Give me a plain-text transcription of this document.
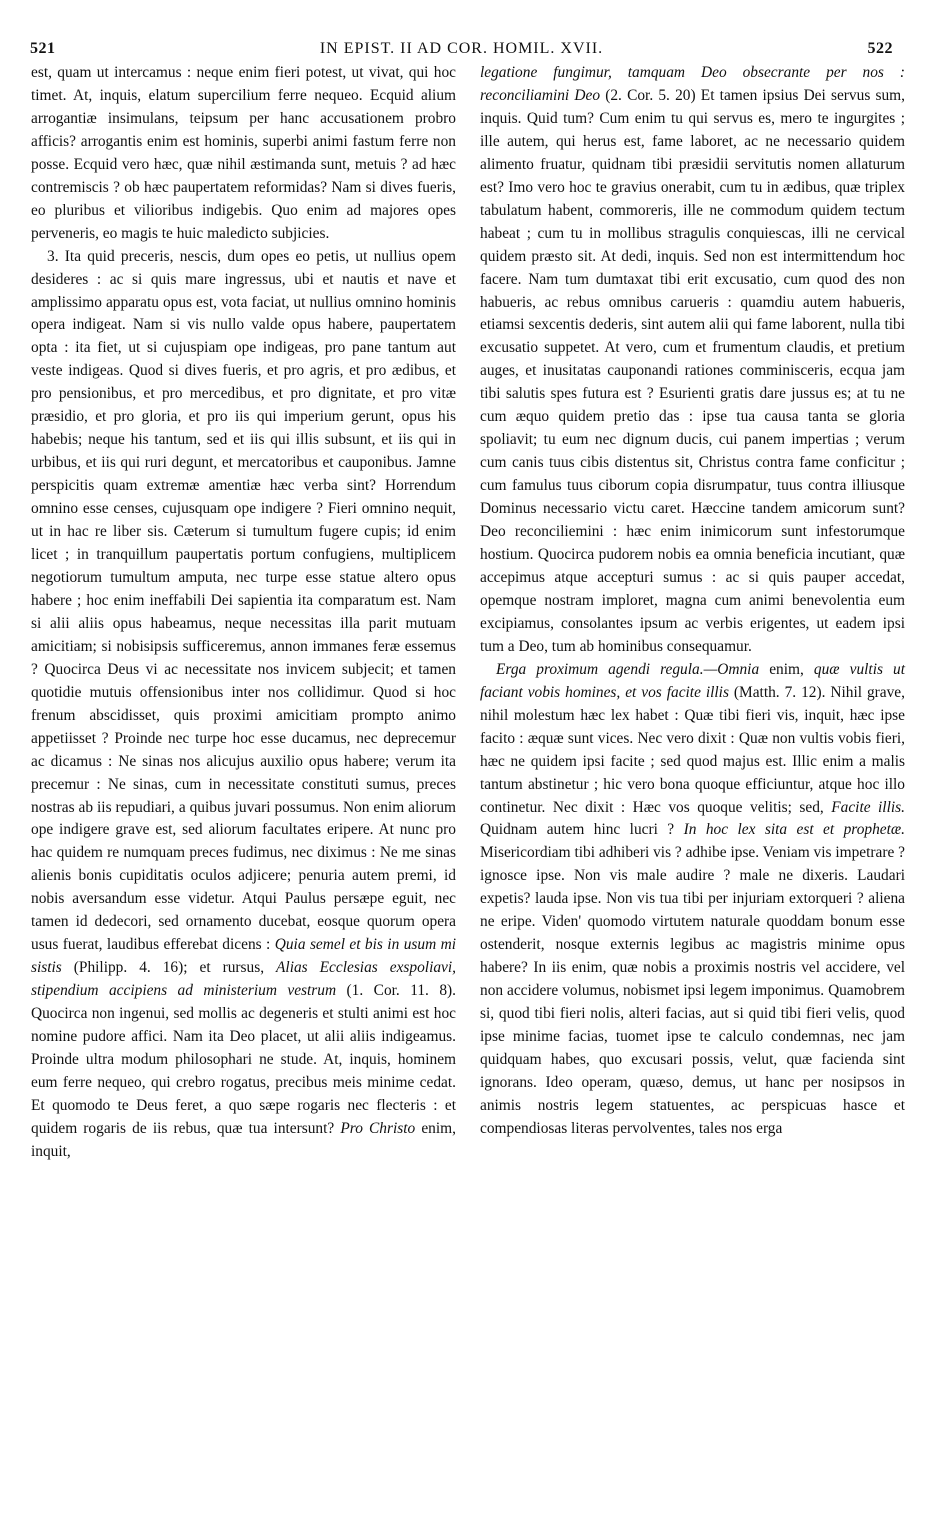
521	IN EPIST. II AD COR. HOMIL. XVII.	522

est, quam ut intercamus : neque enim fieri potest, ut vivat, qui hoc timet. At, inquis, elatum supercilium ferre nequeo. Ecquid alium arrogantiæ insimulans, teipsum per hanc accusationem probro afficis? arrogantis enim est hominis, superbi animi fastum ferre non posse. Ecquid vero hæc, quæ nihil æstimanda sunt, metuis ? ad hæc contremiscis ? ob hæc paupertatem reformidas? Nam si dives fueris, eo pluribus et vilioribus indigebis. Quo enim ad majores opes perveneris, eo magis te huic maledicto subjicies.

3. Ita quid preceris, nescis, dum opes eo petis, ut nullius opem desideres : ac si quis mare ingressus, ubi et nautis et nave et amplissimo apparatu opus est, vota faciat, ut nullius omnino hominis opera indigeat. Nam si vis nullo valde opus habere, paupertatem opta : ita fiet, ut si cujuspiam ope indigeas, pro pane tantum aut veste indigeas. Quod si dives fueris, et pro agris, et pro ædibus, et pro pensionibus, et pro mercedibus, et pro dignitate, et pro vitæ præsidio, et pro gloria, et pro iis qui imperium gerunt, opus his habebis; neque his tantum, sed et iis qui illis subsunt, et iis qui in urbibus, et iis qui ruri degunt, et mercatoribus et cauponibus. Jamne perspicitis quam extremæ amentiæ hæc verba sint? Horrendum omnino esse censes, cujusquam ope indigere ? Fieri omnino nequit, ut in hac re liber sis. Cæterum si tumultum fugere cupis; id enim licet ; in tranquillum paupertatis portum confugiens, multiplicem negotiorum tumultum amputa, nec turpe esse statue altero opus habere ; hoc enim ineffabili Dei sapientia ita comparatum est. Nam si alii aliis opus habeamus, neque necessitas illa parit mutuam amicitiam; si nobisipsis sufficeremus, annon immanes feræ essemus ? Quocirca Deus vi ac necessitate nos invicem subjecit; et tamen quotidie mutuis offensionibus inter nos collidimur. Quod si hoc frenum abscidisset, quis proximi amicitiam prompto animo appetiisset ? Proinde nec turpe hoc esse ducamus, nec deprecemur ac dicamus : Ne sinas nos alicujus auxilio opus habere; verum ita precemur : Ne sinas, cum in necessitate constituti sumus, preces nostras ab iis repudiari, a quibus juvari possumus. Non enim aliorum ope indigere grave est, sed aliorum facultates eripere. At nunc pro hac quidem re numquam preces fudimus, nec diximus : Ne me sinas alienis bonis cupiditatis oculos adjicere; penuria autem premi, id nobis aversandum esse videtur. Atqui Paulus persæpe eguit, nec tamen id dedecori, sed ornamento ducebat, eosque quorum opera usus fuerat, laudibus efferebat dicens : Quia semel et bis in usum mi sistis (Philipp. 4. 16); et rursus, Alias Ecclesias exspoliavi, stipendium accipiens ad ministerium vestrum (1. Cor. 11. 8). Quocirca non ingenui, sed mollis ac degeneris et stulti animi est hoc nomine pudore affici. Nam ita Deo placet, ut alii aliis indigeamus. Proinde ultra modum philosophari ne stude. At, inquis, hominem eum ferre nequeo, qui crebro rogatus, precibus meis minime cedat. Et quomodo te Deus feret, a quo sæpe rogaris nec flecteris : et quidem rogaris de iis rebus, quæ tua intersunt? Pro Christo enim, inquit,

legatione fungimur, tamquam Deo obsecrante per nos : reconciliamini Deo (2. Cor. 5. 20) Et tamen ipsius Dei servus sum, inquis. Quid tum? Cum enim tu qui servus es, mero te ingurgites ; ille autem, qui herus est, fame laboret, ac ne necessario quidem alimento fruatur, quidnam tibi præsidii servitutis nomen allaturum est? Imo vero hoc te gravius onerabit, cum tu in ædibus, quæ triplex tabulatum habent, commoreris, ille ne commodum quidem tectum habeat ; cum tu in mollibus stragulis conquiescas, illi ne cervical quidem præsto sit. At dedi, inquis. Sed non est intermittendum hoc facere. Nam tum dumtaxat tibi erit excusatio, cum quod des non habueris, ac rebus omnibus carueris : quamdiu autem habueris, etiamsi sexcentis dederis, sint autem alii qui fame laborent, nulla tibi excusatio suppetet. At vero, cum et frumentum claudis, et pretium auges, et inusitatas cauponandi rationes comminisceris, ecqua jam tibi salutis spes futura est ? Esurienti gratis dare jussus es; at tu ne cum æquo quidem pretio das : ipse tua causa tanta se gloria spoliavit; tu eum nec dignum ducis, cui panem impertias ; verum cum canis tuus cibis distentus sit, Christus contra fame conficitur ; cum famulus tuus ciborum copia disrumpatur, tuus contra illiusque Dominus necessario victu caret. Hæccine tandem amicorum sunt? Deo reconciliemini : hæc enim inimicorum sunt infestorumque hostium. Quocirca pudorem nobis ea omnia beneficia incutiant, quæ accepimus atque accepturi sumus : ac si quis pauper accedat, opemque nostram imploret, magna cum animi benevolentia eum excipiamus, consolantes ipsum ac verbis erigentes, ut eadem ipsi tum a Deo, tum ab hominibus consequamur.

Erga proximum agendi regula.—Omnia enim, quæ vultis ut faciant vobis homines, et vos facite illis (Matth. 7. 12). Nihil grave, nihil molestum hæc lex habet : Quæ tibi fieri vis, inquit, hæc ipse facito : æquæ sunt vices. Nec vero dixit : Quæ non vultis vobis fieri, hæc ne quidem ipsi facite ; sed quod majus est. Illic enim a malis tantum abstinetur ; hic vero bona quoque efficiuntur, atque hoc illo continetur. Nec dixit : Hæc vos quoque velitis; sed, Facite illis. Quidnam autem hinc lucri ? In hoc lex sita est et prophetæ. Misericordiam tibi adhiberi vis ? adhibe ipse. Veniam vis impetrare ? ignosce ipse. Non vis male audire ? male ne dixeris. Laudari expetis? lauda ipse. Non vis tua tibi per injuriam extorqueri ? aliena ne eripe. Viden' quomodo virtutem naturale quoddam bonum esse ostenderit, nosque externis legibus ac magistris minime opus habere? In iis enim, quæ nobis a proximis nostris vel accidere, vel non accidere volumus, nobismet ipsi legem imponimus. Quamobrem si, quod tibi fieri nolis, alteri facias, aut si quid tibi fieri velis, quod ipse minime facias, tuomet ipse te calculo condemnas, nec jam quidquam habes, quo excusari possis, velut, quæ facienda sint ignorans. Ideo operam, quæso, demus, ut hanc per nosipsos in animis nostris legem statuentes, ac perspicuas hasce et compendiosas literas pervolventes, tales nos erga
